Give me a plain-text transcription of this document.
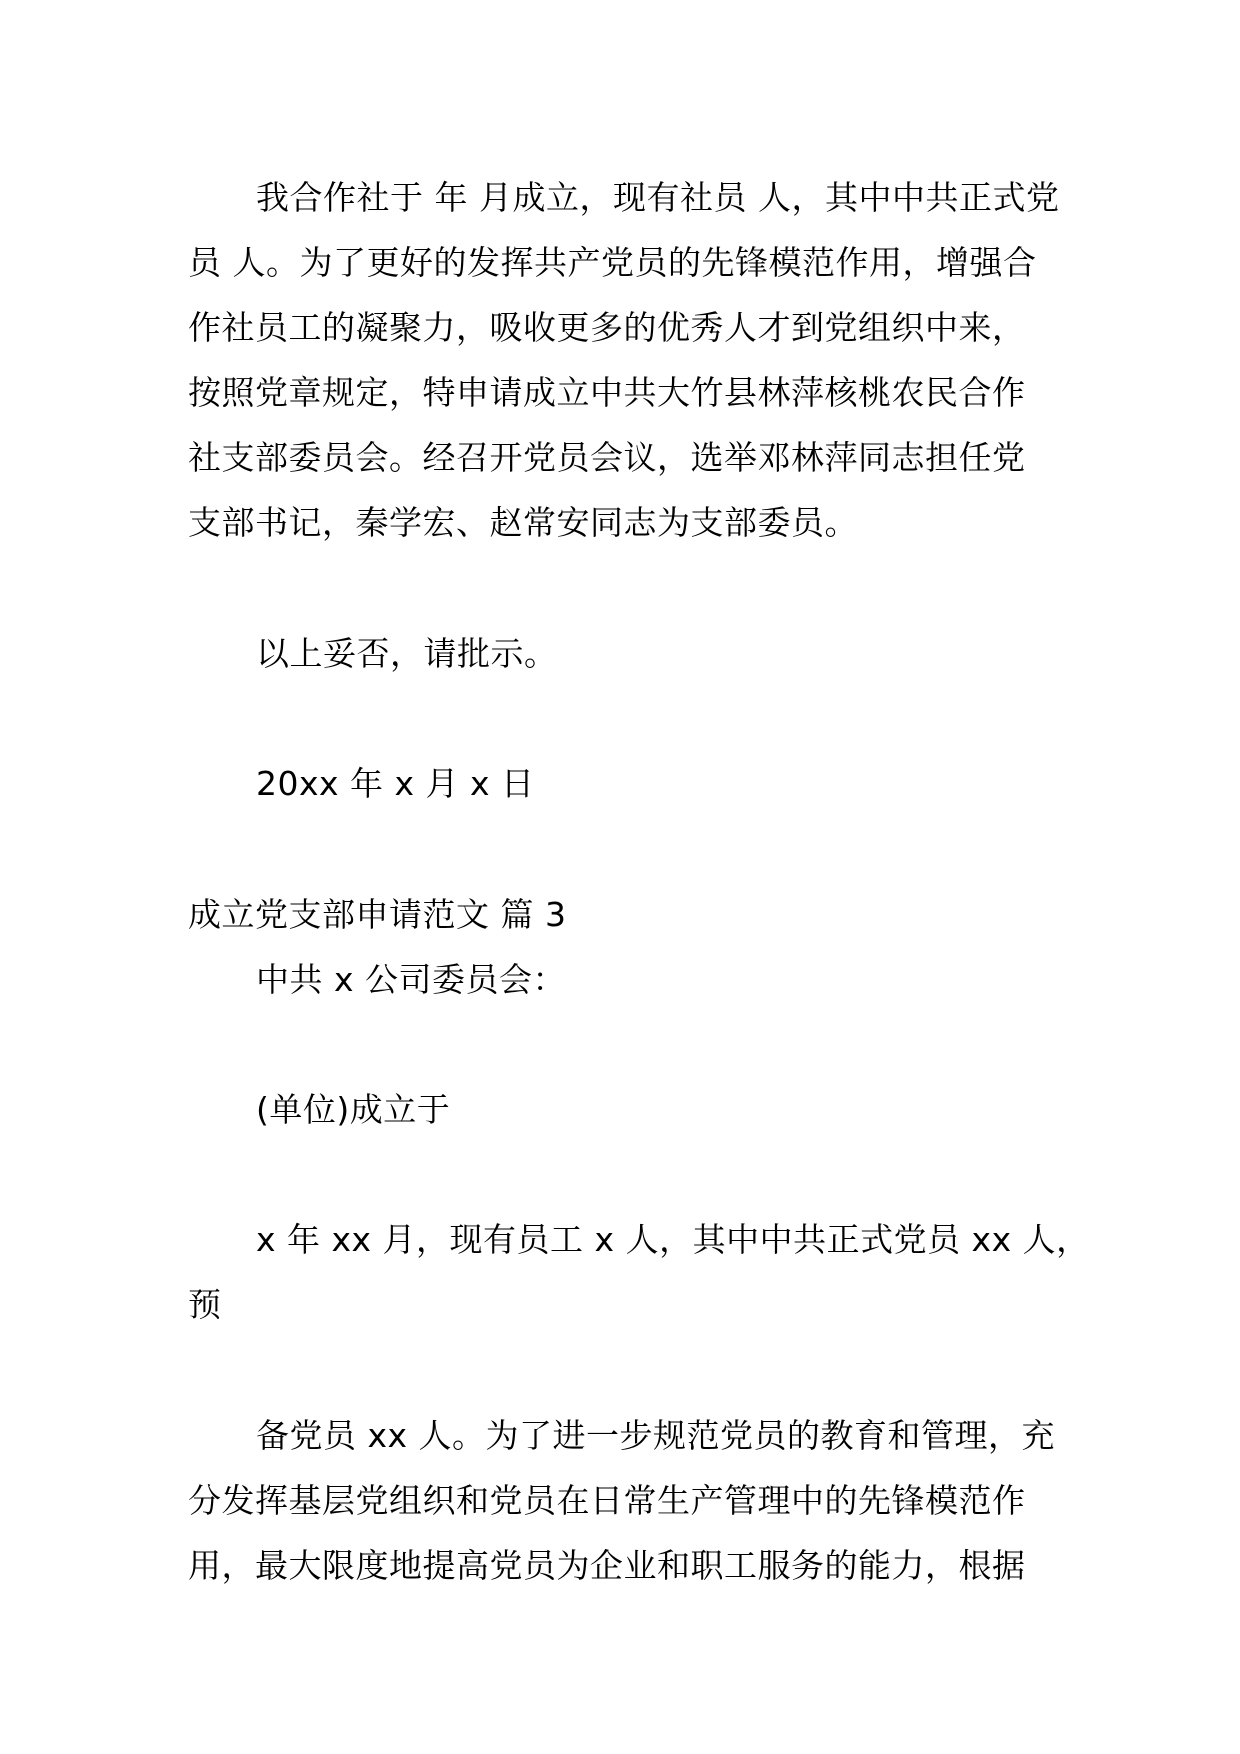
我合作社于 年 月成立，现有社员 人，其中中共正式党
员 人。为了更好的发挥共产党员的先锋模范作用，增强合
作社员工的凝聚力，吸收更多的优秀人才到党组织中来，
按照党章规定，特申请成立中共大竹县林萍核桃农民合作
社支部委员会。经召开党员会议，选举邓林萍同志担任党
支部书记，秦学宏、赵常安同志为支部委员。
以上妥否，请批示。
20xx 年 x 月 x 日
成立党支部申请范文 篇 3
中共 x 公司委员会：
(单位)成立于
x 年 xx 月，现有员工 x 人，其中中共正式党员 xx 人，
预
备党员 xx 人。为了进一步规范党员的教育和管理，充
分发挥基层党组织和党员在日常生产管理中的先锋模范作
用，最大限度地提高党员为企业和职工服务的能力，根据
